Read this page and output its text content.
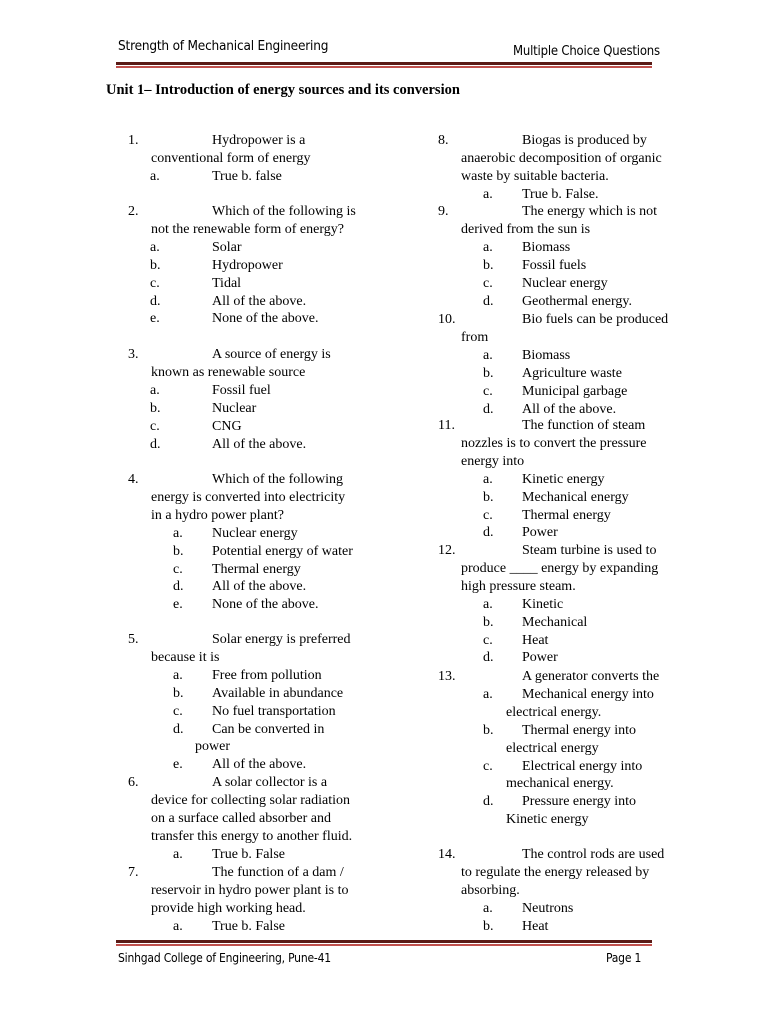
Strength of Mechanical Engineering	Multiple Choice Questions
Unit 1– Introduction of energy sources and its conversion
1.	Hydropower is a
conventional form of energy
a.	True b. false
2.	Which of the following is
not the renewable form of energy?
a.	Solar
b.	Hydropower
c.	Tidal
d.	All of the above.
e.	None of the above.
3.	A source of energy is
known as renewable source
a.	Fossil fuel
b.	Nuclear
c.	CNG
d.	All of the above.
4.	Which of the following
energy is converted into electricity
in a hydro power plant?
a. Nuclear energy
b. Potential energy of water
c. Thermal energy
d. All of the above.
e. None of the above.
5.	Solar energy is preferred
because it is
a. Free from pollution
b. Available in abundance
c. No fuel transportation
d. Can be converted in
power
e. All of the above.
6.	A solar collector is a
device for collecting solar radiation
on a surface called absorber and
transfer this energy to another fluid.
a. True b. False
7.	The function of a dam /
reservoir in hydro power plant is to
provide high working head.
a. True b. False
8.	Biogas is produced by
anaerobic decomposition of organic
waste by suitable bacteria.
a. True b. False.
9.	The energy which is not
derived from the sun is
a. Biomass
b. Fossil fuels
c. Nuclear energy
d. Geothermal energy.
10.	Bio fuels can be produced
from
a. Biomass
b. Agriculture waste
c. Municipal garbage
d. All of the above.
11.	The function of steam
nozzles is to convert the pressure
energy into
a. Kinetic energy
b. Mechanical energy
c. Thermal energy
d. Power
12.	Steam turbine is used to
produce ____ energy by expanding
high pressure steam.
a. Kinetic
b. Mechanical
c. Heat
d. Power
13.	A generator converts the
a. Mechanical energy into
electrical energy.
b. Thermal energy into
electrical energy
c. Electrical energy into
mechanical energy.
d. Pressure energy into
Kinetic energy
14.	The control rods are used
to regulate the energy released by
absorbing.
a. Neutrons
b. Heat
Sinhgad College of Engineering, Pune-41	Page 1
